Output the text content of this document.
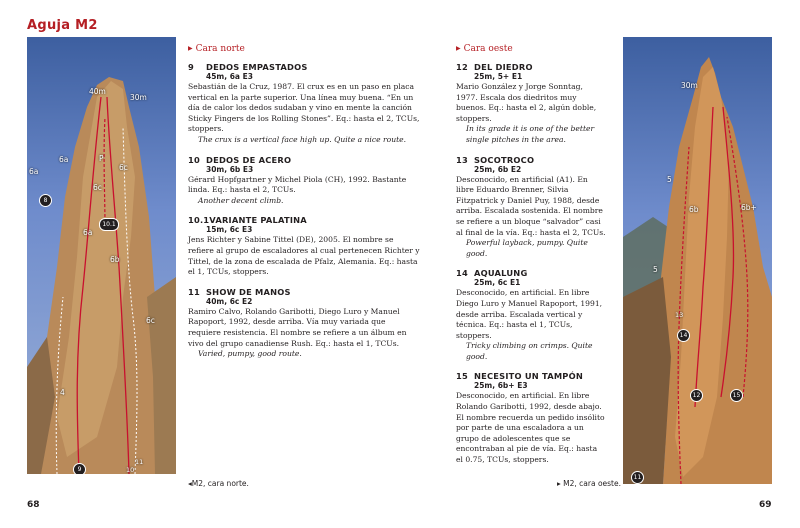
Aguja M2
40m
30m
6a
6a	P
6c
6c
6a
6b
6c
4
8
10.1
9	10
11
▶ Cara norte
9 DEDOS EMPASTADOS
45m, 6a E3
Sebastián de la Cruz, 1987. El crux es en un paso en placa vertical en la parte superior. Una línea muy buena. “En un día de calor los dedos sudaban y vino en mente la canción Sticky Fingers de los Rolling Stones”. Eq.: hasta el 2, TCUs, stoppers.
The crux is a vertical face high up. Quite a nice route.
10 DEDOS DE ACERO
30m, 6b E3
Gérard Hopfgartner y Michel Piola (CH), 1992. Bastante linda. Eq.: hasta el 2, TCUs.
Another decent climb.
10.1VARIANTE PALATINA
15m, 6c E3
Jens Richter y Sabine Tittel (DE), 2005. El nombre se refiere al grupo de escaladores al cual pertenecen Richter y Tittel, de la zona de escalada de Pfalz, Alemania. Eq.: hasta el 1, TCUs, stoppers.
11 SHOW DE MANOS
40m, 6c E2
Ramiro Calvo, Rolando Garibotti, Diego Luro y Manuel Rapoport, 1992, desde arriba. Vía muy variada que requiere resistencia. El nombre se refiere a un álbum en vivo del grupo canadiense Rush. Eq.: hasta el 1, TCUs.
Varied, pumpy, good route.
▶ Cara oeste
12 DEL DIEDRO
25m, 5+ E1
Mario González y Jorge Sonntag, 1977. Escala dos diedritos muy buenos. Eq.: hasta el 2, algún doble, stoppers.
In its grade it is one of the better single pitches in the area.
13 SOCOTROCO
25m, 6b E2
Desconocido, en artificial (A1). En libre Eduardo Brenner, Silvia Fitzpatrick y Daniel Puy, 1988, desde arriba. Escalada sostenida. El nombre se refiere a un bloque “salvador” casi al final de la vía. Eq.: hasta el 2, TCUs.
Powerful layback, pumpy. Quite good.
14 AQUALUNG
25m, 6c E1
Desconocido, en artificial. En libre Diego Luro y Manuel Rapoport, 1991, desde arriba. Escalada vertical y técnica. Eq.: hasta el 1, TCUs, stoppers.
Tricky climbing on crimps. Quite good.
15 NECESITO UN TAMPÓN
25m, 6b+ E3
Desconocido, en artificial. En libre Rolando Garibotti, 1992, desde abajo. El nombre recuerda un pedido insólito por parte de una escaladora a un grupo de adolescentes que se encontraban al pie de vía. Eq.: hasta el 0.75, TCUs, stoppers.
30m
6b	6b+
5
5
13
14
12	15
11
◂M2, cara norte.	▸ M2, cara oeste.
68	69
